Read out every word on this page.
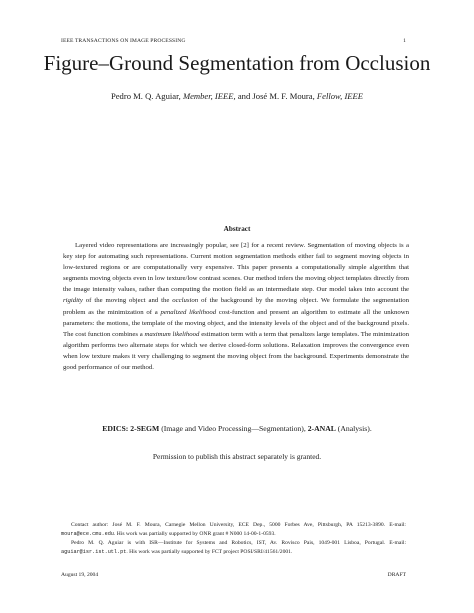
IEEE TRANSACTIONS ON IMAGE PROCESSING	1
Figure–Ground Segmentation from Occlusion
Pedro M. Q. Aguiar, Member, IEEE, and José M. F. Moura, Fellow, IEEE
Abstract
Layered video representations are increasingly popular, see [2] for a recent review. Segmentation of moving objects is a key step for automating such representations. Current motion segmentation methods either fail to segment moving objects in low-textured regions or are computationally very expensive. This paper presents a computationally simple algorithm that segments moving objects even in low texture/low contrast scenes. Our method infers the moving object templates directly from the image intensity values, rather than computing the motion field as an intermediate step. Our model takes into account the rigidity of the moving object and the occlusion of the background by the moving object. We formulate the segmentation problem as the minimization of a penalized likelihood cost-function and present an algorithm to estimate all the unknown parameters: the motions, the template of the moving object, and the intensity levels of the object and of the background pixels. The cost function combines a maximum likelihood estimation term with a term that penalizes large templates. The minimization algorithm performs two alternate steps for which we derive closed-form solutions. Relaxation improves the convergence even when low texture makes it very challenging to segment the moving object from the background. Experiments demonstrate the good performance of our method.
EDICS: 2-SEGM (Image and Video Processing—Segmentation), 2-ANAL (Analysis).
Permission to publish this abstract separately is granted.

Contact author: José M. F. Moura, Carnegie Mellon University, ECE Dep., 5000 Forbes Ave, Pittsburgh, PA 15213-3890. E-mail: moura@ece.cmu.edu. His work was partially supported by ONR grant # N000 14-00-1-0593.

Pedro M. Q. Aguiar is with ISR—Institute for Systems and Robotics, IST, Av. Rovisco Pais, 1049-001 Lisboa, Portugal. E-mail: aguiar@isr.ist.utl.pt. His work was partially supported by FCT project POSI/SRI/41561/2001.

August 19, 2004	DRAFT
